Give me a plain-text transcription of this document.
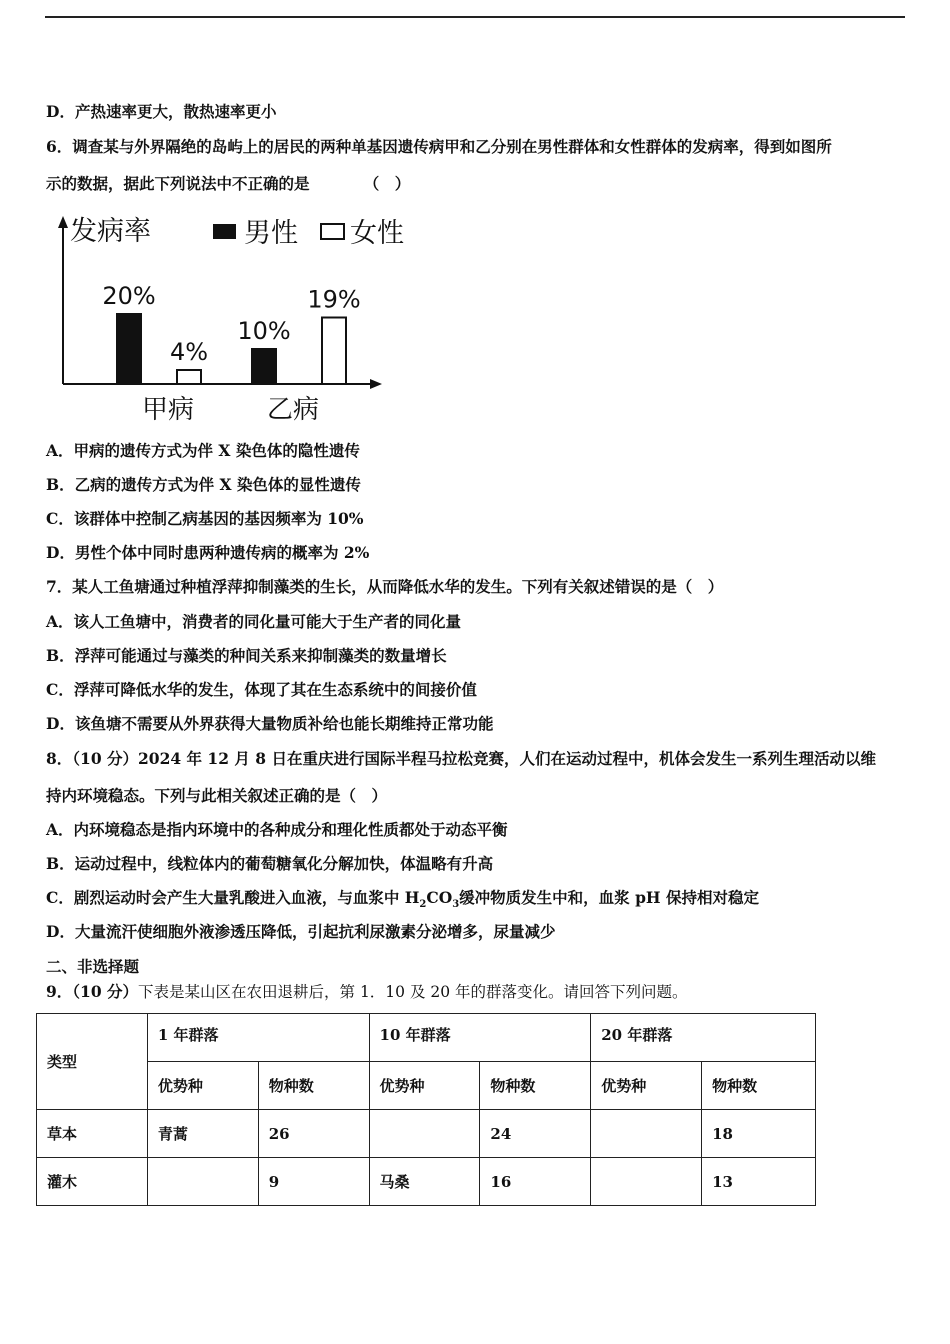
D．产热速率更大，散热速率更小
6．调查某与外界隔绝的岛屿上的居民的两种单基因遗传病甲和乙分别在男性群体和女性群体的发病率，得到如图所
示的数据，据此下列说法中不正确的是　　　　（　）
发病率	男性 女性
20%
10%
4%
19%
甲病	乙病
A．甲病的遗传方式为伴 X 染色体的隐性遗传
B．乙病的遗传方式为伴 X 染色体的显性遗传
C．该群体中控制乙病基因的基因频率为 10%
D．男性个体中同时患两种遗传病的概率为 2%
7．某人工鱼塘通过种植浮萍抑制藻类的生长，从而降低水华的发生。下列有关叙述错误的是（　）
A．该人工鱼塘中，消费者的同化量可能大于生产者的同化量
B．浮萍可能通过与藻类的种间关系来抑制藻类的数量增长
C．浮萍可降低水华的发生，体现了其在生态系统中的间接价值
D．该鱼塘不需要从外界获得大量物质补给也能长期维持正常功能
8．（10 分）2024 年 12 月 8 日在重庆进行国际半程马拉松竞赛，人们在运动过程中，机体会发生一系列生理活动以维
持内环境稳态。下列与此相关叙述正确的是（　）
A．内环境稳态是指内环境中的各种成分和理化性质都处于动态平衡
B．运动过程中，线粒体内的葡萄糖氧化分解加快，体温略有升高
C．剧烈运动时会产生大量乳酸进入血液，与血浆中 $H_2CO_3$缓冲物质发生中和，血浆 pH 保持相对稳定
D．大量流汗使细胞外液渗透压降低，引起抗利尿激素分泌增多，尿量减少
二、非选择题
9．（10 分）下表是某山区在农田退耕后，第 1．10 及 20 年的群落变化。请回答下列问题。
类型	1 年群落		10 年群落		20 年群落	
	优势种	物种数	优势种	物种数	优势种	物种数
草本	青蒿	26		24		18
灌木		9	马桑	16		13
